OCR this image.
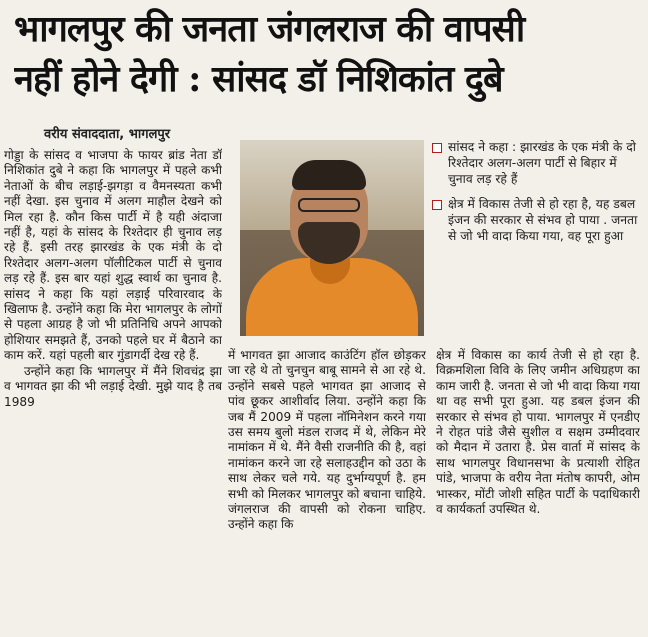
भागलपुर की जनता जंगलराज की वापसी
नहीं होने देगी : सांसद डॉ निशिकांत दुबे
वरीय संवाददाता, भागलपुर

गोड्डा के सांसद व भाजपा के फायर ब्रांड नेता डॉ निशिकांत दुबे ने कहा कि भागलपुर में पहले कभी नेताओं के बीच लड़ाई-झगड़ा व वैमनस्यता कभी नहीं देखा. इस चुनाव में अलग माहौल देखने को मिल रहा है. कौन किस पार्टी में है यही अंदाजा नहीं है, यहां के सांसद के रिश्तेदार ही चुनाव लड़ रहे हैं. इसी तरह झारखंड के एक मंत्री के दो रिश्तेदार अलग-अलग पॉलीटिकल पार्टी से चुनाव लड़ रहे हैं. इस बार यहां शुद्ध स्वार्थ का चुनाव है. सांसद ने कहा कि यहां लड़ाई परिवारवाद के खिलाफ है. उन्होंने कहा कि मेरा भागलपुर के लोगों से पहला आग्रह है जो भी प्रतिनिधि अपने आपको होशियार समझते हैं, उनको पहले घर में बैठाने का काम करें. यहां पहली बार गुंडागर्दी देख रहे हैं.

उन्होंने कहा कि भागलपुर में मैंने शिवचंद्र झा व भागवत झा की भी लड़ाई देखी. मुझे याद है तब 1989

सांसद ने कहा : झारखंड के एक मंत्री के दो रिश्तेदार अलग-अलग पार्टी से बिहार में चुनाव लड़ रहे हैं
क्षेत्र में विकास तेजी से हो रहा है, यह डबल इंजन की सरकार से संभव हो पाया . जनता से जो भी वादा किया गया, वह पूरा हुआ

में भागवत झा आजाद काउंटिंग हॉल छोड़कर जा रहे थे तो चुनचुन बाबू सामने से आ रहे थे. उन्होंने सबसे पहले भागवत झा आजाद से पांव छूकर आशीर्वाद लिया. उन्होंने कहा कि जब मैं 2009 में पहला नॉमिनेशन करने गया उस समय बुलो मंडल राजद में थे, लेकिन मेरे नामांकन में थे. मैंने वैसी राजनीति की है, वहां नामांकन करने जा रहे सलाहउद्दीन को उठा के साथ लेकर चले गये. यह दुर्भाग्यपूर्ण है. हम सभी को मिलकर भागलपुर को बचाना चाहिये. जंगलराज की वापसी को रोकना चाहिए. उन्होंने कहा कि

क्षेत्र में विकास का कार्य तेजी से हो रहा है. विक्रमशिला विवि के लिए जमीन अधिग्रहण का काम जारी है. जनता से जो भी वादा किया गया था वह सभी पूरा हुआ. यह डबल इंजन की सरकार से संभव हो पाया. भागलपुर में एनडीए ने रोहत पांडे जैसे सुशील व सक्षम उम्मीदवार को मैदान में उतारा है. प्रेस वार्ता में सांसद के साथ भागलपुर विधानसभा के प्रत्याशी रोहित पांडे, भाजपा के वरीय नेता मंतोष कापरी, ओम भास्कर, मोंटी जोशी सहित पार्टी के पदाधिकारी व कार्यकर्ता उपस्थित थे.
